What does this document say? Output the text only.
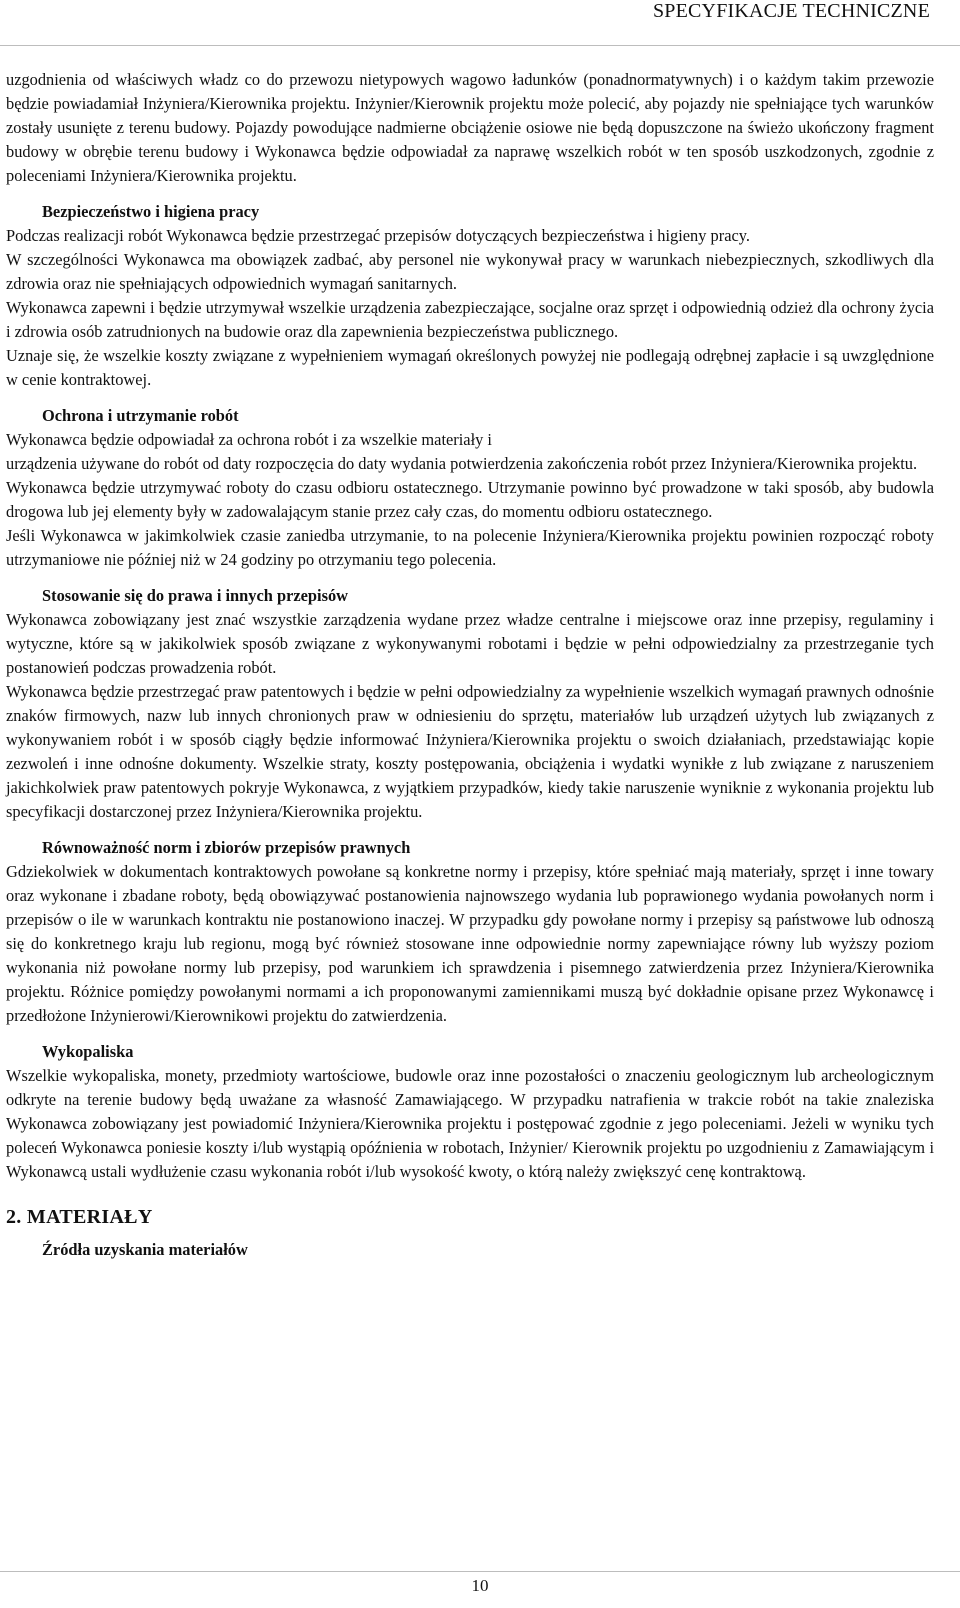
SPECYFIKACJE TECHNICZNE

uzgodnienia od właściwych władz co do przewozu nietypowych wagowo ładunków (ponadnormatywnych) i o każdym takim przewozie będzie powiadamiał Inżyniera/Kierownika projektu. Inżynier/Kierownik projektu może polecić, aby pojazdy nie spełniające tych warunków zostały usunięte z terenu budowy. Pojazdy powodujące nadmierne obciążenie osiowe nie będą dopuszczone na świeżo ukończony fragment budowy w obrębie terenu budowy i Wykonawca będzie odpowiadał za naprawę wszelkich robót w ten sposób uszkodzonych, zgodnie z poleceniami Inżyniera/Kierownika projektu.

Bezpieczeństwo i higiena pracy

Podczas realizacji robót Wykonawca będzie przestrzegać przepisów dotyczących bezpieczeństwa i higieny pracy.

W szczególności Wykonawca ma obowiązek zadbać, aby personel nie wykonywał pracy w warunkach niebezpiecznych, szkodliwych dla zdrowia oraz nie spełniających odpowiednich wymagań sanitarnych.

Wykonawca zapewni i będzie utrzymywał wszelkie urządzenia zabezpieczające, socjalne oraz sprzęt i odpowiednią odzież dla ochrony życia i zdrowia osób zatrudnionych na budowie oraz dla zapewnienia bezpieczeństwa publicznego.

Uznaje się, że wszelkie koszty związane z wypełnieniem wymagań określonych powyżej nie podlegają odrębnej zapłacie i są uwzględnione w cenie kontraktowej.

Ochrona i utrzymanie robót

Wykonawca będzie odpowiadał za ochrona robót i za wszelkie materiały i

urządzenia używane do robót od daty rozpoczęcia do daty wydania potwierdzenia zakończenia robót przez Inżyniera/Kierownika projektu.

Wykonawca będzie utrzymywać roboty do czasu odbioru ostatecznego. Utrzymanie powinno być prowadzone w taki sposób, aby budowla drogowa lub jej elementy były w zadowalającym stanie przez cały czas, do momentu odbioru ostatecznego.

Jeśli Wykonawca w jakimkolwiek czasie zaniedba utrzymanie, to na polecenie Inżyniera/Kierownika projektu powinien rozpocząć roboty utrzymaniowe nie później niż w 24 godziny po otrzymaniu tego polecenia.

Stosowanie się do prawa i innych przepisów

Wykonawca zobowiązany jest znać wszystkie zarządzenia wydane przez władze centralne i miejscowe oraz inne przepisy, regulaminy i wytyczne, które są w jakikolwiek sposób związane z wykonywanymi robotami i będzie w pełni odpowiedzialny za przestrzeganie tych postanowień podczas prowadzenia robót.

Wykonawca będzie przestrzegać praw patentowych i będzie w pełni odpowiedzialny za wypełnienie wszelkich wymagań prawnych odnośnie znaków firmowych, nazw lub innych chronionych praw w odniesieniu do sprzętu, materiałów lub urządzeń użytych lub związanych z wykonywaniem robót i w sposób ciągły będzie informować Inżyniera/Kierownika projektu o swoich działaniach, przedstawiając kopie zezwoleń i inne odnośne dokumenty. Wszelkie straty, koszty postępowania, obciążenia i wydatki wynikłe z lub związane z naruszeniem jakichkolwiek praw patentowych pokryje Wykonawca, z wyjątkiem przypadków, kiedy takie naruszenie wyniknie z wykonania projektu lub specyfikacji dostarczonej przez Inżyniera/Kierownika projektu.

Równoważność norm i zbiorów przepisów prawnych

Gdziekolwiek w dokumentach kontraktowych powołane są konkretne normy i przepisy, które spełniać mają materiały, sprzęt i inne towary oraz wykonane i zbadane roboty, będą obowiązywać postanowienia najnowszego wydania lub poprawionego wydania powołanych norm i przepisów o ile w warunkach kontraktu nie postanowiono inaczej. W przypadku gdy powołane normy i przepisy są państwowe lub odnoszą się do konkretnego kraju lub regionu, mogą być również stosowane inne odpowiednie normy zapewniające równy lub wyższy poziom wykonania niż powołane normy lub przepisy, pod warunkiem ich sprawdzenia i pisemnego zatwierdzenia przez Inżyniera/Kierownika projektu. Różnice pomiędzy powołanymi normami a ich proponowanymi zamiennikami muszą być dokładnie opisane przez Wykonawcę i przedłożone Inżynierowi/Kierownikowi projektu do zatwierdzenia.

Wykopaliska

Wszelkie wykopaliska, monety, przedmioty wartościowe, budowle oraz inne pozostałości o znaczeniu geologicznym lub archeologicznym odkryte na terenie budowy będą uważane za własność Zamawiającego. W przypadku natrafienia w trakcie robót na takie znaleziska Wykonawca zobowiązany jest powiadomić Inżyniera/Kierownika projektu i postępować zgodnie z jego poleceniami. Jeżeli w wyniku tych poleceń Wykonawca poniesie koszty i/lub wystąpią opóźnienia w robotach, Inżynier/ Kierownik projektu po uzgodnieniu z Zamawiającym i Wykonawcą ustali wydłużenie czasu wykonania robót i/lub wysokość kwoty, o którą należy zwiększyć cenę kontraktową.

2. MATERIAŁY
Źródła uzyskania materiałów
10
